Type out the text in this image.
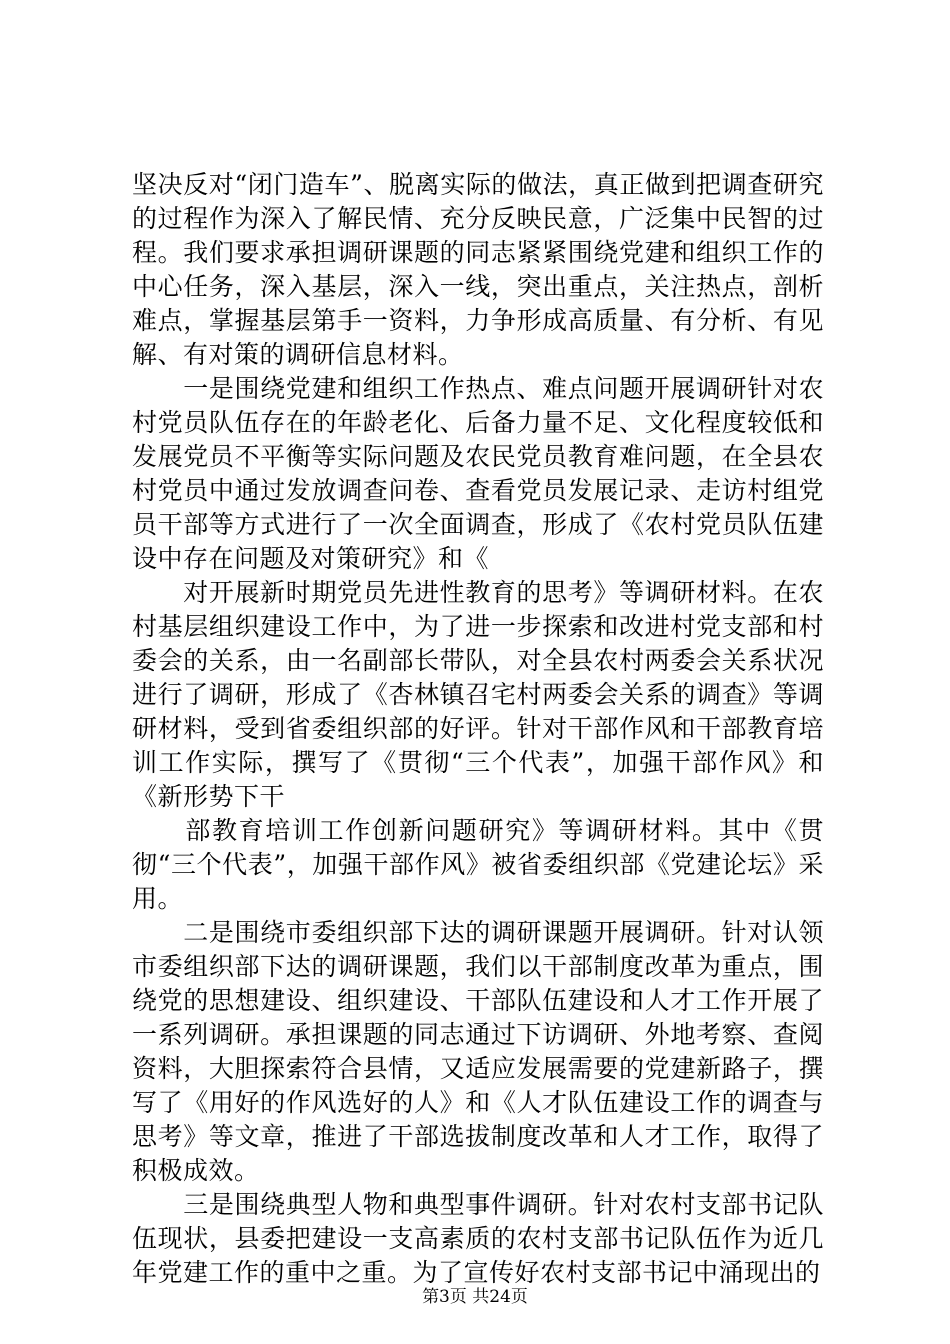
坚决反对“闭门造车”、脱离实际的做法，真正做到把调查研究的过程作为深入了解民情、充分反映民意，广泛集中民智的过程。我们要求承担调研课题的同志紧紧围绕党建和组织工作的中心任务，深入基层，深入一线，突出重点，关注热点，剖析难点，掌握基层第手一资料，力争形成高质量、有分析、有见解、有对策的调研信息材料。

　　一是围绕党建和组织工作热点、难点问题开展调研针对农村党员队伍存在的年龄老化、后备力量不足、文化程度较低和发展党员不平衡等实际问题及农民党员教育难问题，在全县农村党员中通过发放调查问卷、查看党员发展记录、走访村组党员干部等方式进行了一次全面调查，形成了《农村党员队伍建设中存在问题及对策研究》和《

　　对开展新时期党员先进性教育的思考》等调研材料。在农村基层组织建设工作中，为了进一步探索和改进村党支部和村委会的关系，由一名副部长带队，对全县农村两委会关系状况进行了调研，形成了《杏林镇召宅村两委会关系的调查》等调研材料，受到省委组织部的好评。针对干部作风和干部教育培训工作实际，撰写了《贯彻“三个代表”，加强干部作风》和《新形势下干

　　部教育培训工作创新问题研究》等调研材料。其中《贯彻“三个代表”，加强干部作风》被省委组织部《党建论坛》采用。

　　二是围绕市委组织部下达的调研课题开展调研。针对认领市委组织部下达的调研课题，我们以干部制度改革为重点，围绕党的思想建设、组织建设、干部队伍建设和人才工作开展了一系列调研。承担课题的同志通过下访调研、外地考察、查阅资料，大胆探索符合县情，又适应发展需要的党建新路子，撰写了《用好的作风选好的人》和《人才队伍建设工作的调查与思考》等文章，推进了干部选拔制度改革和人才工作，取得了积极成效。

　　三是围绕典型人物和典型事件调研。针对农村支部书记队伍现状，县委把建设一支高素质的农村支部书记队伍作为近几年党建工作的重中之重。为了宣传好农村支部书记中涌现出的

第3页 共24页
